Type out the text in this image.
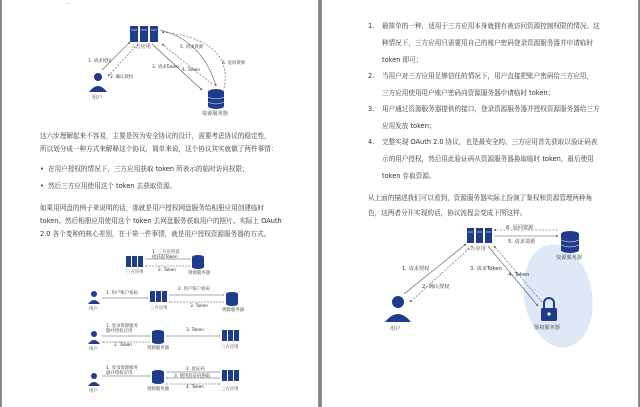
...
三方应用
用户
资源服务器
1. 请求授权
2. 确认授权
3. 请求Token
4. Token
5. 请求资源
6. 返回资源
这六步理解起来不容易，主要是因为安全协议的设计，需要考虑协议的稳定性，
所以划分成一种方式来解释这个协议，简单来说，这个协议其实就做了两件事情：
• 在用户授权的情况下，三方应用获取 token 所表示的临时访问权限；
• 然后三方应用使用这个 token 去获取资源。
如果用网盘的例子来说明的话，那就是用户授权网盘服务给相册应用创建临时
token。然后相册应用使用这个 token 去网盘服务获取用户的照片。实际上 OAuth
2.0 各个变种的核心差别，在于第一件事情，就是用户授权资源服务器的方式。
1. 三方应用直
接获取Token
2. Token
三方应用	资源服务器
1. 用户账户密码
2. 用户账户密码
3. Token
用户	三方应用	资源服务器
1. 登录资源服务
器并授权应用
2. Token
3. Token
用户	资源服务器	三方应用
1. 登录资源服务
器并授权应用
2. 验证码
3. 使用验证码换取
4. Token
用户	资源服务器	三方应用
1. 最简单的一种，适用于三方应用本身就拥有被访问资源控制权限的情况。这
种情况下，三方应用只需要用自己的账户密码登录资源服务器并申请临时
token 即可；
2. 当用户对三方应用足够信任的情况下，用户直接把账户密码给三方应用，
三方应用使用用户账户密码向资源服务器申请临时 token；
3. 用户通过资源服务器提供的接口，登录资源服务器并授权资源服务器给三方
应用发放 token；
4. 完整实现 OAuth 2.0 协议，也是最安全的。三方应用首先获取以验证码表
示的用户授权，然后用此验证码从资源服务器换取临时 token，最后使用
token 存取资源。
从上面的描述我们可以看到，资源服务器实际上扮演了鉴权和资源管理两种角
色，这两者分开实现的话，协议流程会变成下图这样。
三方应用
用户
资源服务器
鉴权服务器
1. 请求授权
2. 确认授权
3. 请求Token
4. Token
5. 请求资源
6. 返回资源
